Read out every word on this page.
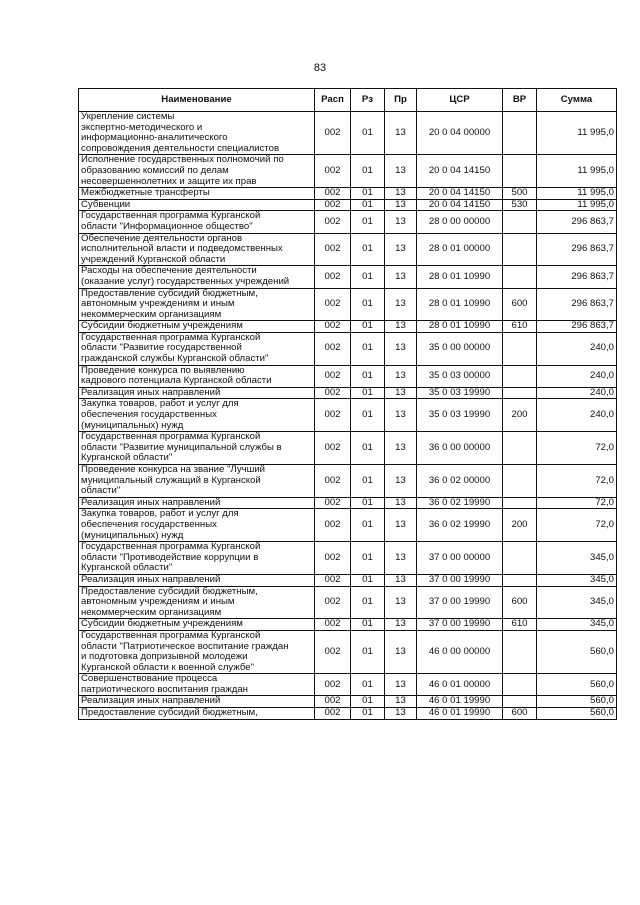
83
Наименование	Расп	Рз	Пр	ЦСР	ВР	Сумма
Укрепление системы
экспертно-методического и
информационно-аналитического
сопровождения деятельности специалистов	002	01	13	20 0 04 00000		11 995,0
Исполнение государственных полномочий по
образованию комиссий по делам
несовершеннолетних и защите их прав	002	01	13	20 0 04 14150		11 995,0
Межбюджетные трансферты	002	01	13	20 0 04 14150	500	11 995,0
Субвенции	002	01	13	20 0 04 14150	530	11 995,0
Государственная программа Курганской
области "Информационное общество"	002	01	13	28 0 00 00000		296 863,7
Обеспечение деятельности органов
исполнительной власти и подведомственных
учреждений Курганской области	002	01	13	28 0 01 00000		296 863,7
Расходы на обеспечение деятельности
(оказание услуг) государственных учреждений	002	01	13	28 0 01 10990		296 863,7
Предоставление субсидий бюджетным,
автономным учреждениям и иным
некоммерческим организациям	002	01	13	28 0 01 10990	600	296 863,7
Субсидии бюджетным учреждениям	002	01	13	28 0 01 10990	610	296 863,7
Государственная программа Курганской
области "Развитие государственной
гражданской службы Курганской области"	002	01	13	35 0 00 00000		240,0
Проведение конкурса по выявлению
кадрового потенциала Курганской области	002	01	13	35 0 03 00000		240,0
Реализация иных направлений	002	01	13	35 0 03 19990		240,0
Закупка товаров, работ и услуг для
обеспечения государственных
(муниципальных) нужд	002	01	13	35 0 03 19990	200	240,0
Государственная программа Курганской
области "Развитие муниципальной службы в
Курганской области"	002	01	13	36 0 00 00000		72,0
Проведение конкурса на звание "Лучший
муниципальный служащий в Курганской
области"	002	01	13	36 0 02 00000		72,0
Реализация иных направлений	002	01	13	36 0 02 19990		72,0
Закупка товаров, работ и услуг для
обеспечения государственных
(муниципальных) нужд	002	01	13	36 0 02 19990	200	72,0
Государственная программа Курганской
области "Противодействие коррупции в
Курганской области"	002	01	13	37 0 00 00000		345,0
Реализация иных направлений	002	01	13	37 0 00 19990		345,0
Предоставление субсидий бюджетным,
автономным учреждениям и иным
некоммерческим организациям	002	01	13	37 0 00 19990	600	345,0
Субсидии бюджетным учреждениям	002	01	13	37 0 00 19990	610	345,0
Государственная программа Курганской
области "Патриотическое воспитание граждан
и подготовка допризывной молодежи
Курганской области к военной службе"	002	01	13	46 0 00 00000		560,0
Совершенствование процесса
патриотического воспитания граждан	002	01	13	46 0 01 00000		560,0
Реализация иных направлений	002	01	13	46 0 01 19990		560,0
Предоставление субсидий бюджетным,	002	01	13	46 0 01 19990	600	560,0
